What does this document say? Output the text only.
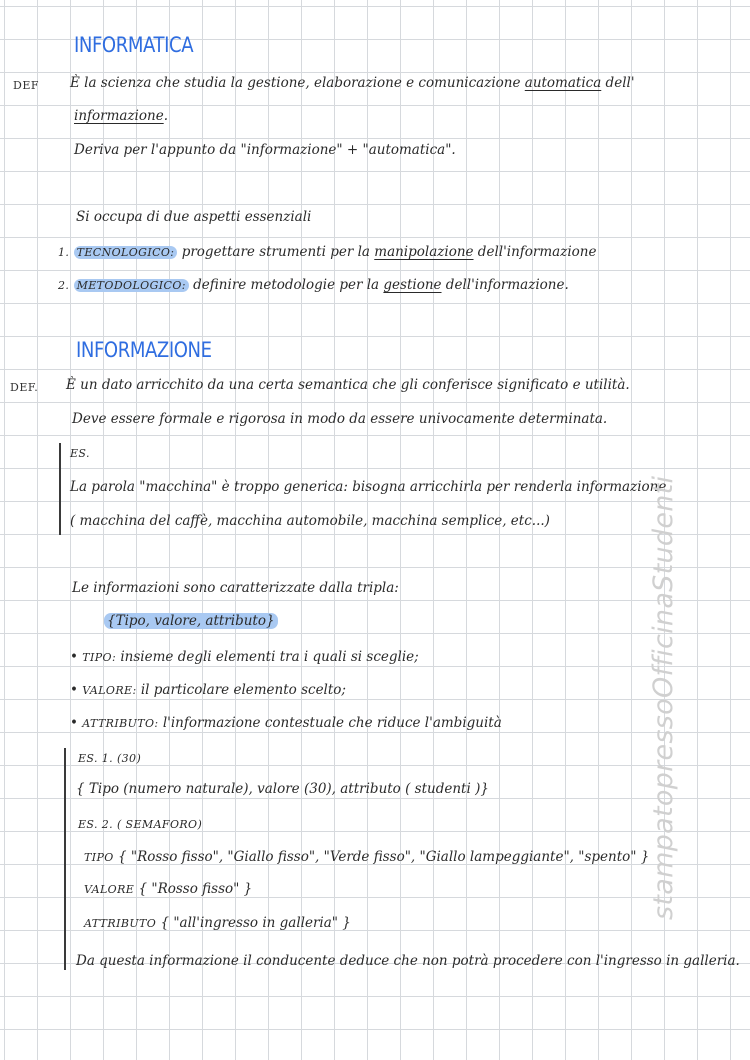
INFORMATICA
DEF È la scienza che studia la gestione, elaborazione e comunicazione automatica dell'
informazione.
Deriva per l'appunto da "informazione" + "automatica".
Si occupa di due aspetti essenziali
1. TECNOLOGICO: progettare strumenti per la manipolazione dell'informazione
2. METODOLOGICO: definire metodologie per la gestione dell'informazione.
INFORMAZIONE
DEF. È un dato arricchito da una certa semantica che gli conferisce significato e utilità.
Deve essere formale e rigorosa in modo da essere univocamente determinata.
ES.
La parola "macchina" è troppo generica: bisogna arricchirla per renderla informazione
( macchina del caffè, macchina automobile, macchina semplice, etc...)
Le informazioni sono caratterizzate dalla tripla:
{Tipo, valore, attributo}
• TIPO: insieme degli elementi tra i quali si sceglie;
• VALORE: il particolare elemento scelto;
• ATTRIBUTO: l'informazione contestuale che riduce l'ambiguità
ES. 1. (30)
{ Tipo (numero naturale), valore (30), attributo ( studenti )}
ES. 2. ( SEMAFORO)
TIPO { "Rosso fisso", "Giallo fisso", "Verde fisso", "Giallo lampeggiante", "spento" }
VALORE { "Rosso fisso" }
ATTRIBUTO { "all'ingresso in galleria" }
Da questa informazione il conducente deduce che non potrà procedere con l'ingresso in galleria.
stampatopressoOfficinaStudenti
